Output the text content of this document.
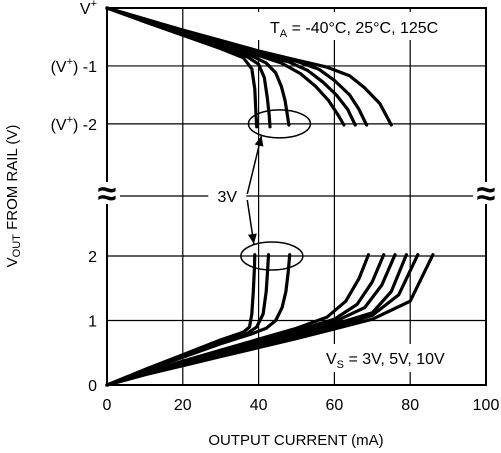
3V
0	20	40	60	80	100
V+
(V+) -1
(V+) -2
0
1
2
≈	≈
$T_A = -40^\circ C$, 25°C, 125C
$V_S = 3V$, 5V, 10V
OUTPUT CURRENT (mA)
$V_{OUT}$ FROM RAIL (V)
